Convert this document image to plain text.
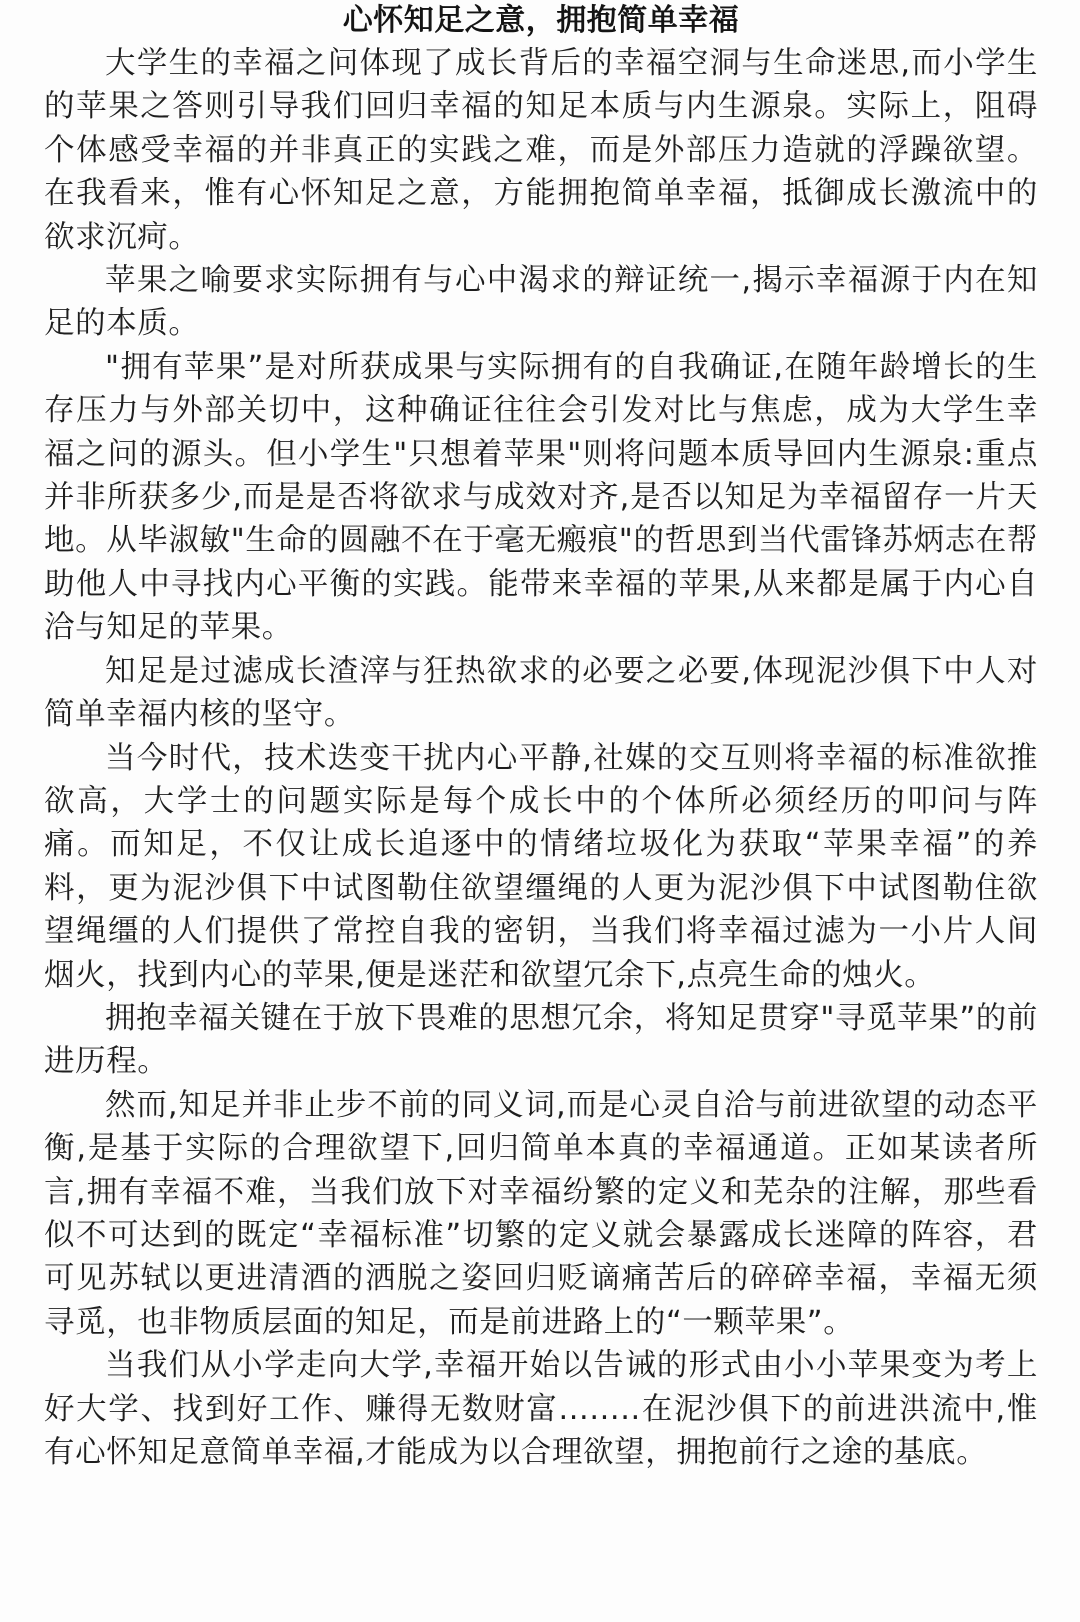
心怀知足之意，拥抱简单幸福

大学生的幸福之问体现了成长背后的幸福空洞与生命迷思,而小学生的苹果之答则引导我们回归幸福的知足本质与内生源泉。实际上，阻碍个体感受幸福的并非真正的实践之难，而是外部压力造就的浮躁欲望。在我看来，惟有心怀知足之意，方能拥抱简单幸福，抵御成长激流中的欲求沉疴。

苹果之喻要求实际拥有与心中渴求的辩证统一,揭示幸福源于内在知足的本质。

"拥有苹果”是对所获成果与实际拥有的自我确证,在随年龄增长的生存压力与外部关切中，这种确证往往会引发对比与焦虑，成为大学生幸福之问的源头。但小学生"只想着苹果"则将问题本质导回内生源泉:重点并非所获多少,而是是否将欲求与成效对齐,是否以知足为幸福留存一片天地。从毕淑敏"生命的圆融不在于毫无瘢痕"的哲思到当代雷锋苏炳志在帮助他人中寻找内心平衡的实践。能带来幸福的苹果,从来都是属于内心自洽与知足的苹果。

知足是过滤成长渣滓与狂热欲求的必要之必要,体现泥沙俱下中人对简单幸福内核的坚守。

当今时代，技术迭变干扰内心平静,社媒的交互则将幸福的标准欲推欲高，大学士的问题实际是每个成长中的个体所必须经历的叩问与阵痛。而知足，不仅让成长追逐中的情绪垃圾化为获取“苹果幸福”的养料，更为泥沙俱下中试图勒住欲望缰绳的人更为泥沙俱下中试图勒住欲望绳缰的人们提供了常控自我的密钥，当我们将幸福过滤为一小片人间烟火，找到内心的苹果,便是迷茫和欲望冗余下,点亮生命的烛火。

拥抱幸福关键在于放下畏难的思想冗余，将知足贯穿"寻觅苹果”的前进历程。

然而,知足并非止步不前的同义词,而是心灵自洽与前进欲望的动态平衡,是基于实际的合理欲望下,回归简单本真的幸福通道。正如某读者所言,拥有幸福不难，当我们放下对幸福纷繁的定义和芜杂的注解，那些看似不可达到的既定“幸福标准”切繁的定义就会暴露成长迷障的阵容，君可见苏轼以更进清酒的洒脱之姿回归贬谪痛苦后的碎碎幸福，幸福无须寻觅，也非物质层面的知足，而是前进路上的“一颗苹果”。

当我们从小学走向大学,幸福开始以告诫的形式由小小苹果变为考上好大学、找到好工作、赚得无数财富........在泥沙俱下的前进洪流中,惟有心怀知足意简单幸福,才能成为以合理欲望，拥抱前行之途的基底。
